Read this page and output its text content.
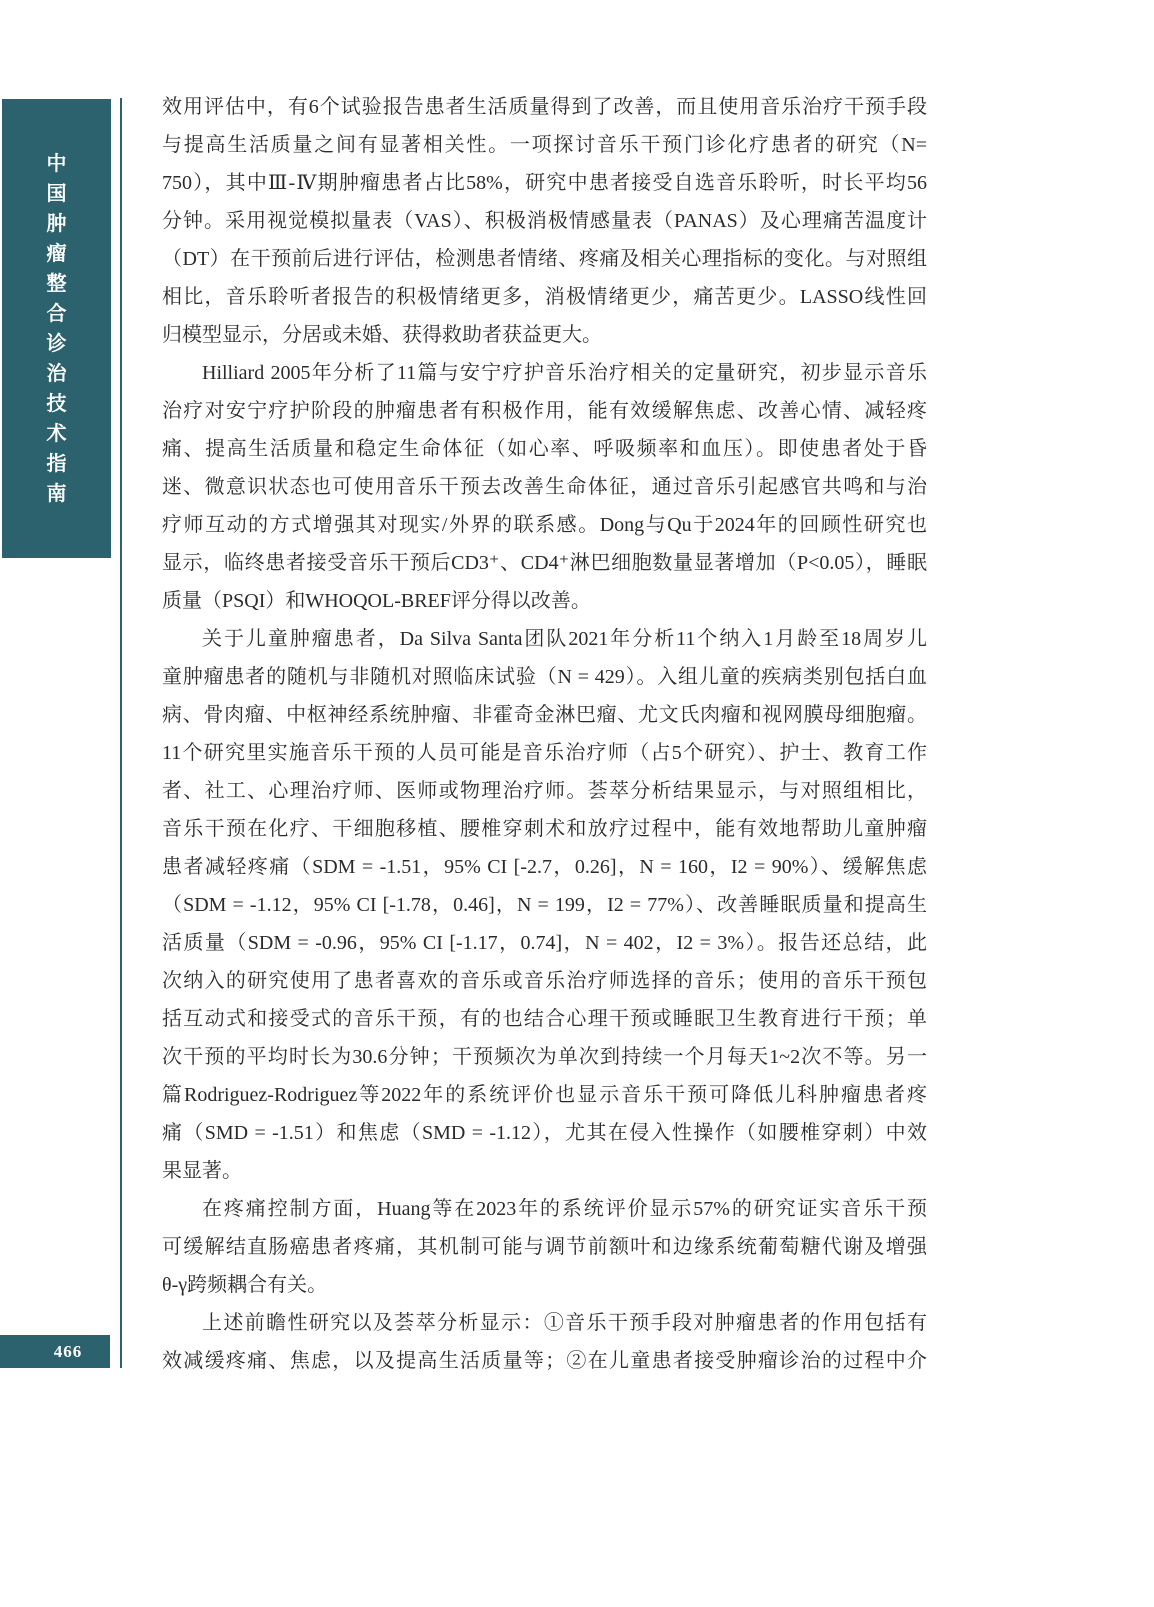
中
国
肿
瘤
整
合
诊
治
技
术
指
南
效用评估中，有6个试验报告患者生活质量得到了改善，而且使用音乐治疗干预手段
与提高生活质量之间有显著相关性。一项探讨音乐干预门诊化疗患者的研究（N=
750），其中Ⅲ-Ⅳ期肿瘤患者占比58%，研究中患者接受自选音乐聆听，时长平均56
分钟。采用视觉模拟量表（VAS）、积极消极情感量表（PANAS）及心理痛苦温度计
（DT）在干预前后进行评估，检测患者情绪、疼痛及相关心理指标的变化。与对照组
相比，音乐聆听者报告的积极情绪更多，消极情绪更少，痛苦更少。LASSO线性回
归模型显示，分居或未婚、获得救助者获益更大。
Hilliard 2005年分析了11篇与安宁疗护音乐治疗相关的定量研究，初步显示音乐
治疗对安宁疗护阶段的肿瘤患者有积极作用，能有效缓解焦虑、改善心情、减轻疼
痛、提高生活质量和稳定生命体征（如心率、呼吸频率和血压）。即使患者处于昏
迷、微意识状态也可使用音乐干预去改善生命体征，通过音乐引起感官共鸣和与治
疗师互动的方式增强其对现实/外界的联系感。Dong与Qu于2024年的回顾性研究也
显示，临终患者接受音乐干预后CD3⁺、CD4⁺淋巴细胞数量显著增加（P<0.05），睡眠
质量（PSQI）和WHOQOL-BREF评分得以改善。
关于儿童肿瘤患者，Da Silva Santa团队2021年分析11个纳入1月龄至18周岁儿
童肿瘤患者的随机与非随机对照临床试验（N = 429）。入组儿童的疾病类别包括白血
病、骨肉瘤、中枢神经系统肿瘤、非霍奇金淋巴瘤、尤文氏肉瘤和视网膜母细胞瘤。
11个研究里实施音乐干预的人员可能是音乐治疗师（占5个研究）、护士、教育工作
者、社工、心理治疗师、医师或物理治疗师。荟萃分析结果显示，与对照组相比，
音乐干预在化疗、干细胞移植、腰椎穿刺术和放疗过程中，能有效地帮助儿童肿瘤
患者减轻疼痛（SDM = -1.51，95% CI [-2.7，0.26]，N = 160，I2 = 90%）、缓解焦虑
（SDM = -1.12，95% CI [-1.78，0.46]，N = 199，I2 = 77%）、改善睡眠质量和提高生
活质量（SDM = -0.96，95% CI [-1.17，0.74]，N = 402，I2 = 3%）。报告还总结，此
次纳入的研究使用了患者喜欢的音乐或音乐治疗师选择的音乐；使用的音乐干预包
括互动式和接受式的音乐干预，有的也结合心理干预或睡眠卫生教育进行干预；单
次干预的平均时长为30.6分钟；干预频次为单次到持续一个月每天1~2次不等。另一
篇Rodriguez-Rodriguez等2022年的系统评价也显示音乐干预可降低儿科肿瘤患者疼
痛（SMD = -1.51）和焦虑（SMD = -1.12），尤其在侵入性操作（如腰椎穿刺）中效
果显著。
在疼痛控制方面，Huang等在2023年的系统评价显示57%的研究证实音乐干预
可缓解结直肠癌患者疼痛，其机制可能与调节前额叶和边缘系统葡萄糖代谢及增强
θ-γ跨频耦合有关。
上述前瞻性研究以及荟萃分析显示：①音乐干预手段对肿瘤患者的作用包括有
效减缓疼痛、焦虑，以及提高生活质量等；②在儿童患者接受肿瘤诊治的过程中介
466
